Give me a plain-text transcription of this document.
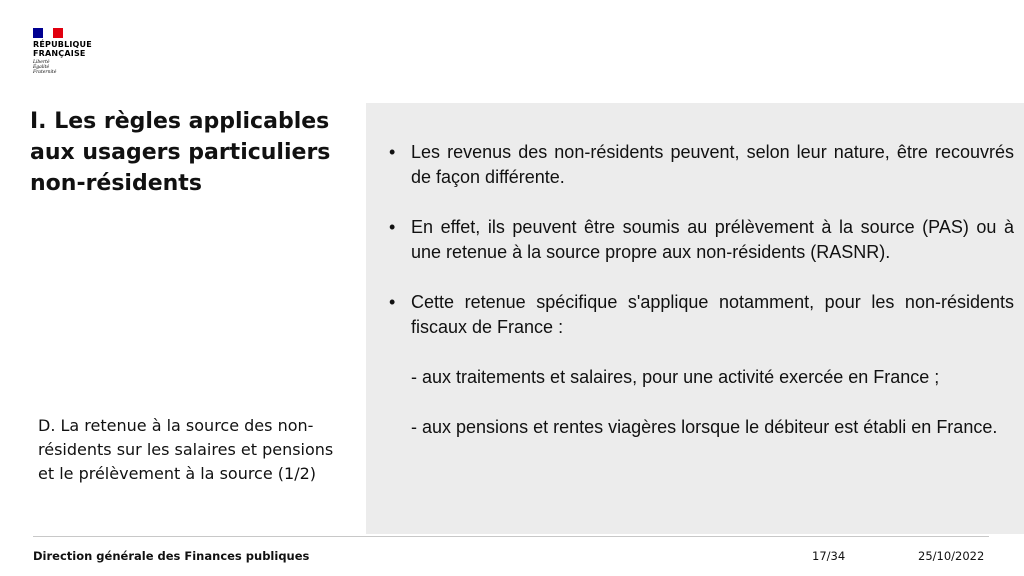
RÉPUBLIQUE
FRANÇAISE
Liberté
Égalité
Fraternité
I. Les règles applicables aux usagers particuliers non-résidents
D. La retenue à la source des non-résidents sur les salaires et pensions et le prélèvement à la source (1/2)
• Les revenus des non-résidents peuvent, selon leur nature, être recouvrés de façon différente.
• En effet, ils peuvent être soumis au prélèvement à la source (PAS) ou à une retenue à la source propre aux non-résidents (RASNR).
• Cette retenue spécifique s'applique notamment, pour les non-résidents fiscaux de France :
- aux traitements et salaires, pour une activité exercée en France ;
- aux pensions et rentes viagères lorsque le débiteur est établi en France.
Direction générale des Finances publiques	17/34	25/10/2022
